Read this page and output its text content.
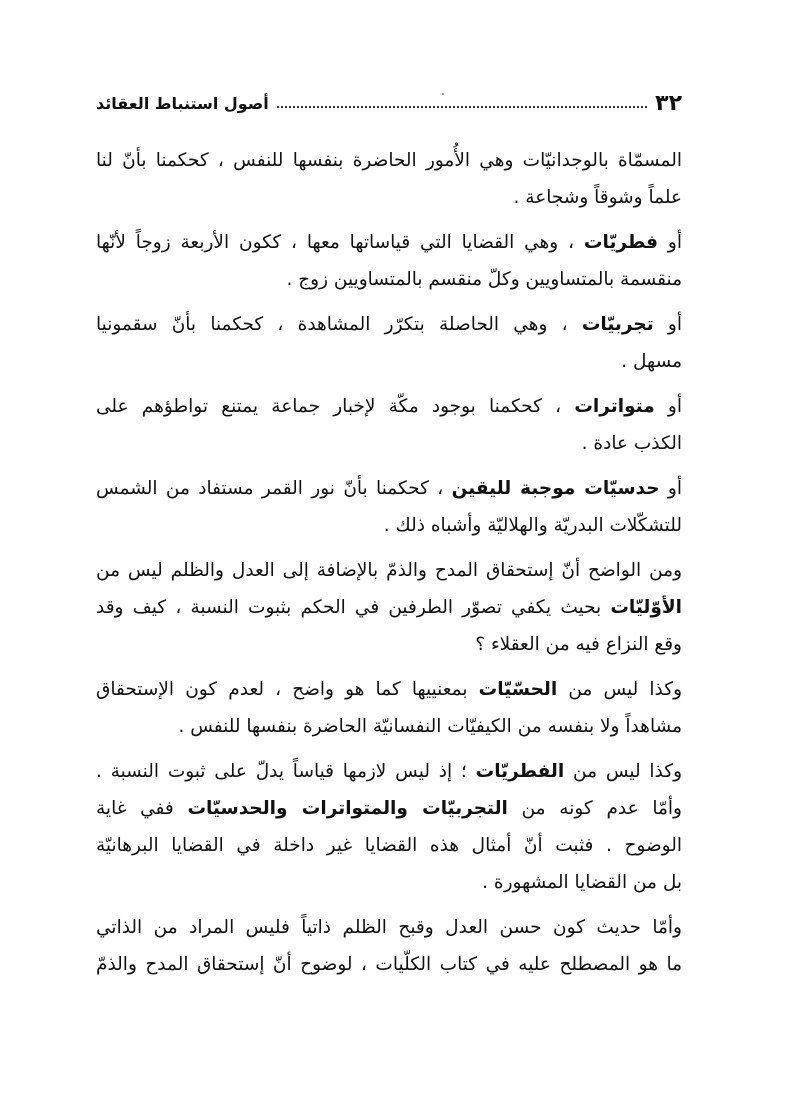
٣٢
أصول استنباط العقائد
المسمّاة بالوجدانيّات وهي الأُمور الحاضرة بنفسها للنفس ، كحكمنا بأنّ لنا
علماً وشوقاً وشجاعة .
أو فطريّات ، وهي القضايا التي قياساتها معها ، ككون الأربعة زوجاً لأنّها
منقسمة بالمتساويين وكلّ منقسم بالمتساويين زوج .
أو تجربيّات ، وهي الحاصلة بتكرّر المشاهدة ، كحكمنا بأنّ سقمونيا
مسهل .
أو متواترات ، كحكمنا بوجود مكّة لإخبار جماعة يمتنع تواطؤهم على
الكذب عادة .
أو حدسيّات موجبة لليقين ، كحكمنا بأنّ نور القمر مستفاد من الشمس
للتشكّلات البدريّة والهلاليّة وأشباه ذلك .
ومن الواضح أنّ إستحقاق المدح والذمّ بالإضافة إلى العدل والظلم ليس من
الأوّليّات بحيث يكفي تصوّر الطرفين في الحكم بثبوت النسبة ، كيف وقد
وقع النزاع فيه من العقلاء ؟
وكذا ليس من الحسّيّات بمعنييها كما هو واضح ، لعدم كون الإستحقاق
مشاهداً ولا بنفسه من الكيفيّات النفسانيّة الحاضرة بنفسها للنفس .
وكذا ليس من الفطريّات ؛ إذ ليس لازمها قياساً يدلّ على ثبوت النسبة .
وأمّا عدم كونه من التجربيّات والمتواترات والحدسيّات ففي غاية
الوضوح . فثبت أنّ أمثال هذه القضايا غير داخلة في القضايا البرهانيّة
بل من القضايا المشهورة .
وأمّا حديث كون حسن العدل وقبح الظلم ذاتياً فليس المراد من الذاتي
ما هو المصطلح عليه في كتاب الكلّيات ، لوضوح أنّ إستحقاق المدح والذمّ
